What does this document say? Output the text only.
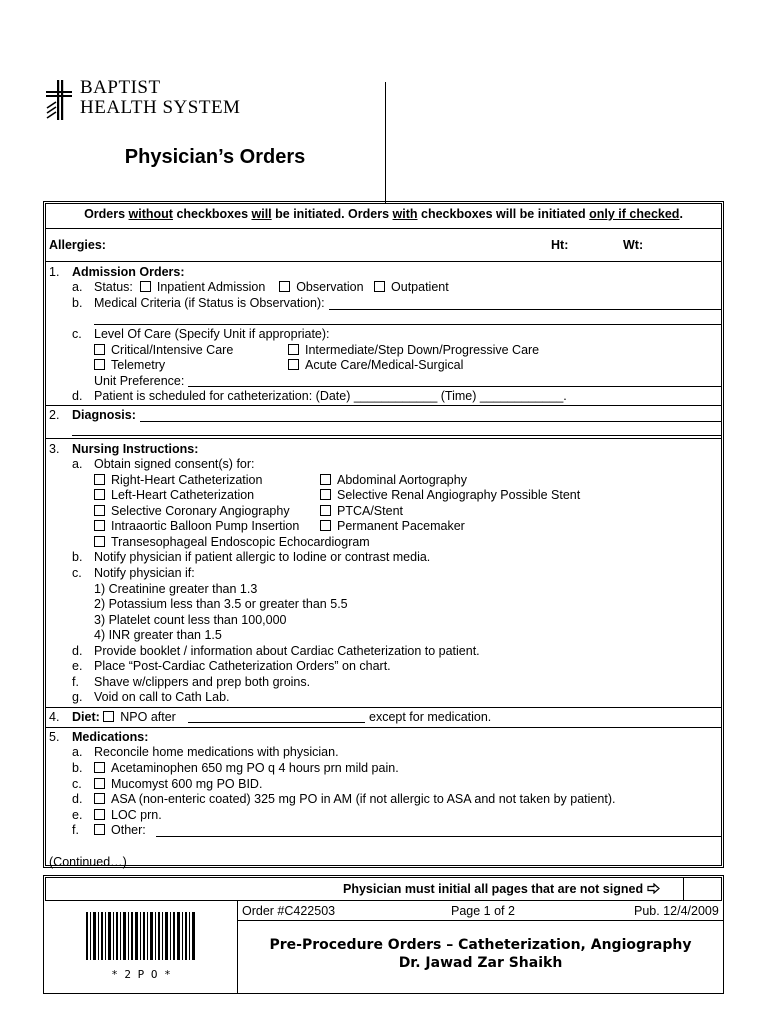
BAPTIST
HEALTH SYSTEM
Physician’s Orders
Orders without checkboxes will be initiated. Orders with checkboxes will be initiated only if checked.
Allergies:	Ht:	Wt:
1. Admission Orders:
a. Status: Inpatient Admission Observation Outpatient
b. Medical Criteria (if Status is Observation):
c. Level Of Care (Specify Unit if appropriate):
Critical/Intensive Care	Intermediate/Step Down/Progressive Care
Telemetry	Acute Care/Medical-Surgical
Unit Preference:
d. Patient is scheduled for catheterization: (Date) ____________ (Time) ____________.
2. Diagnosis:
3. Nursing Instructions:
a. Obtain signed consent(s) for:
Right-Heart Catheterization	Abdominal Aortography
Left-Heart Catheterization	Selective Renal Angiography Possible Stent
Selective Coronary Angiography	PTCA/Stent
Intraaortic Balloon Pump Insertion	Permanent Pacemaker
Transesophageal Endoscopic Echocardiogram
b. Notify physician if patient allergic to Iodine or contrast media.
c. Notify physician if:
1) Creatinine greater than 1.3
2) Potassium less than 3.5 or greater than 5.5
3) Platelet count less than 100,000
4) INR greater than 1.5
d. Provide booklet / information about Cardiac Catheterization to patient.
e. Place “Post-Cardiac Catheterization Orders” on chart.
f. Shave w/clippers and prep both groins.
g. Void on call to Cath Lab.
4. Diet: NPO after	except for medication.
5. Medications:
a. Reconcile home medications with physician.
b.	Acetaminophen 650 mg PO q 4 hours prn mild pain.
c.	Mucomyst 600 mg PO BID.
d.	ASA (non-enteric coated) 325 mg PO in AM (if not allergic to ASA and not taken by patient).
e.	LOC prn.
f.	Other:
(Continued…)
Physician must initial all pages that are not signed
Order #C422503	Page 1 of 2	Pub. 12/4/2009
Pre-Procedure Orders – Catheterization, Angiography
Dr. Jawad Zar Shaikh
* 2 P O *
